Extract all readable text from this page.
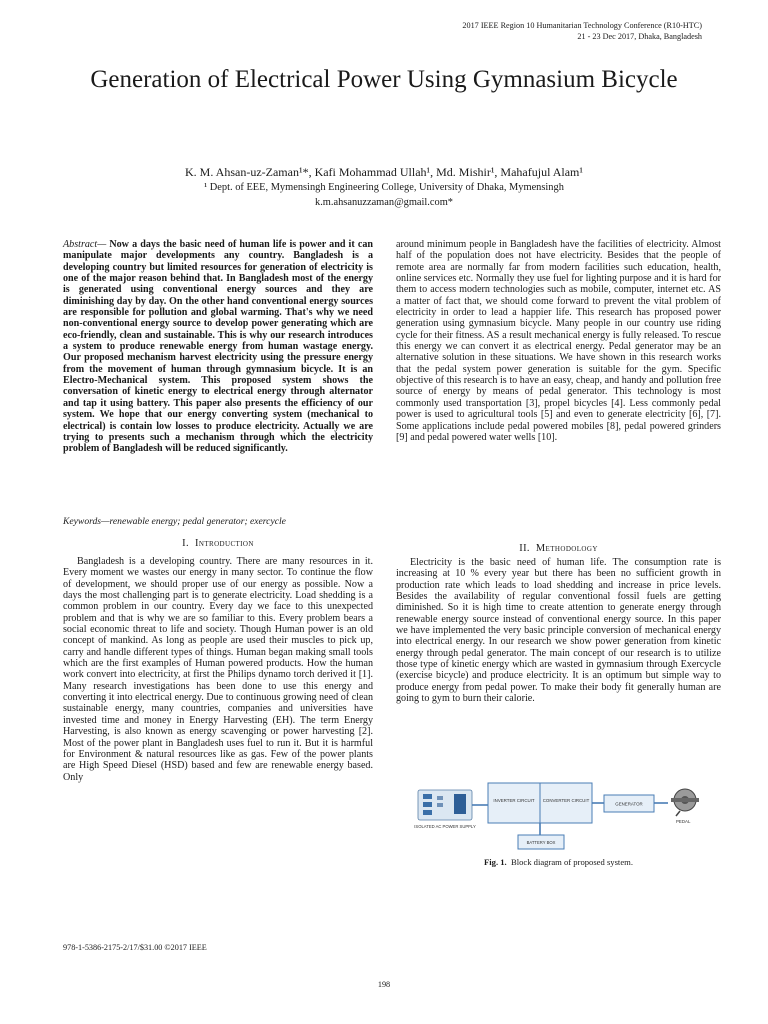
2017 IEEE Region 10 Humanitarian Technology Conference (R10-HTC)
21 - 23 Dec 2017, Dhaka, Bangladesh
Generation of Electrical Power Using Gymnasium Bicycle
K. M. Ahsan-uz-Zaman¹*, Kafi Mohammad Ullah¹, Md. Mishir¹, Mahafujul Alam¹
¹ Dept. of EEE, Mymensingh Engineering College, University of Dhaka, Mymensingh
k.m.ahsanuzzaman@gmail.com*

Abstract— Now a days the basic need of human life is power and it can manipulate major developments any country. Bangladesh is a developing country but limited resources for generation of electricity is one of the major reason behind that. In Bangladesh most of the energy is generated using conventional energy sources and they are diminishing day by day. On the other hand conventional energy sources are responsible for pollution and global warming. That's why we need non-conventional energy source to develop power generating which are eco-friendly, clean and sustainable. This is why our research introduces a system to produce renewable energy from human wastage energy. Our proposed mechanism harvest electricity using the pressure energy from the movement of human through gymnasium bicycle. It is an Electro-Mechanical system. This proposed system shows the conversation of kinetic energy to electrical energy through alternator and tap it using battery. This paper also presents the efficiency of our system. We hope that our energy converting system (mechanical to electrical) is contain low losses to produce electricity. Actually we are trying to presents such a mechanism through which the electricity problem of Bangladesh will be reduced significantly.

Keywords—renewable energy; pedal generator; exercycle
I. Introduction

Bangladesh is a developing country. There are many resources in it. Every moment we wastes our energy in many sector. To continue the flow of development, we should proper use of our energy as possible. Now a days the most challenging part is to generate electricity. Load shedding is a common problem in our country. Every day we face to this unexpected problem and that is why we are so familiar to this. Every problem bears a social economic threat to life and society. Though Human power is an old concept of mankind. As long as people are used their muscles to pick up, carry and handle different types of things. Human began making small tools which are the first examples of Human powered products. How the human work convert into electricity, at first the Philips dynamo torch derived it [1]. Many research investigations has been done to use this energy and converting it into electrical energy. Due to continuous growing need of clean sustainable energy, many countries, companies and universities have invested time and money in Energy Harvesting (EH). The term Energy Harvesting, is also known as energy scavenging or power harvesting [2]. Most of the power plant in Bangladesh uses fuel to run it. But it is harmful for Environment & natural resources like as gas. Few of the power plants are High Speed Diesel (HSD) based and few are renewable energy based. Only

around minimum people in Bangladesh have the facilities of electricity. Almost half of the population does not have electricity. Besides that the people of remote area are normally far from modern facilities such education, health, online services etc. Normally they use fuel for lighting purpose and it is hard for them to access modern technologies such as mobile, computer, internet etc. AS a matter of fact that, we should come forward to prevent the vital problem of electricity in order to lead a happier life. This research has proposed power generation using gymnasium bicycle. Many people in our country use riding cycle for their fitness. AS a result mechanical energy is fully released. To rescue this energy we can convert it as electrical energy. Pedal generator may be an alternative solution in these situations. We have shown in this research works that the pedal system power generation is suitable for the gym. Specific objective of this research is to have an easy, cheap, and handy and pollution free source of energy by means of pedal generator. This technology is most commonly used transportation [3], propel bicycles [4]. Less commonly pedal power is used to agricultural tools [5] and even to generate electricity [6], [7]. Some applications include pedal powered mobiles [8], pedal powered grinders [9] and pedal powered water wells [10].

II. Methodology

Electricity is the basic need of human life. The consumption rate is increasing at 10 % every year but there has been no sufficient growth in production rate which leads to load shedding and increase in price levels. Besides the availability of regular conventional fossil fuels are getting diminished. So it is high time to create attention to generate energy through renewable energy source instead of conventional energy source. In this paper we have implemented the very basic principle conversion of mechanical energy into electrical energy. In our research we show power generation from kinetic energy through pedal generator. The main concept of our research is to utilize those type of kinetic energy which are wasted in gymnasium through Exercycle (exercise bicycle) and produce electricity. It is an optimum but simple way to produce energy from pedal power. To make their body fit generally human are going to gym to burn their calorie.

ISOLATED AC POWER SUPPLY
INVERTER CIRCUIT CONVERTER CIRCUIT
GENERATOR
PEDAL
BATTERY BOX
Fig. 1. Block diagram of proposed system.
978-1-5386-2175-2/17/$31.00 ©2017 IEEE
198
